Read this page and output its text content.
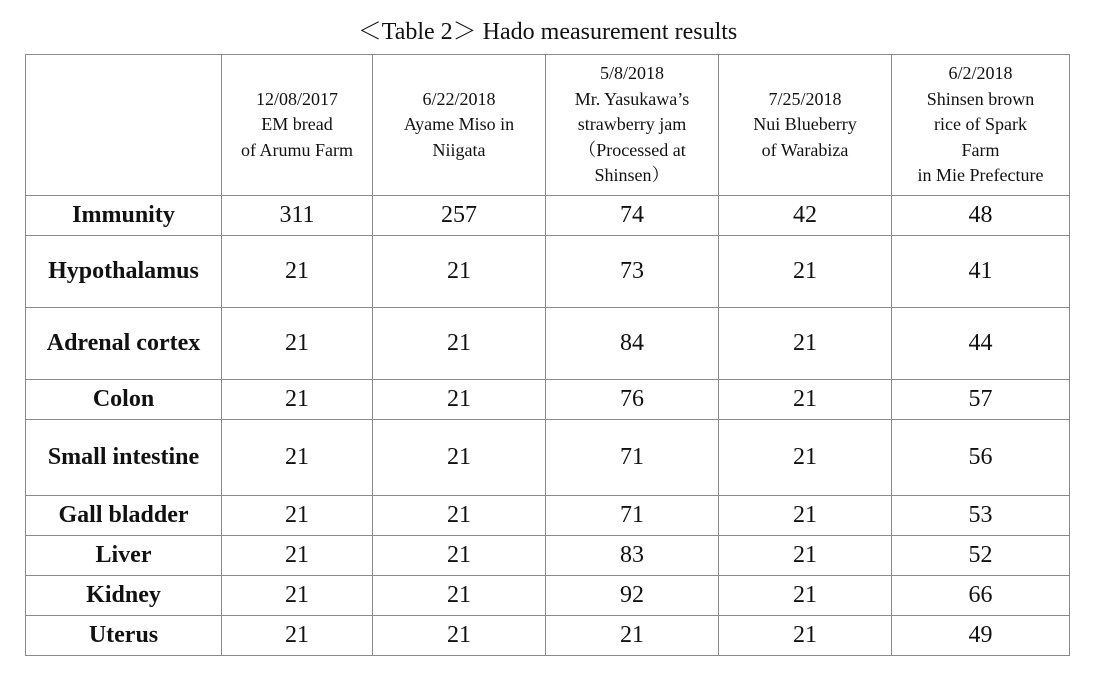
＜Table 2＞ Hado measurement results
	12/08/2017
EM bread
of Arumu Farm	6/22/2018
Ayame Miso in
Niigata	5/8/2018
Mr. Yasukawa’s
strawberry jam
（Processed at
Shinsen）	7/25/2018
Nui Blueberry
of Warabiza	6/2/2018
Shinsen brown
rice of Spark
Farm
in Mie Prefecture
Immunity	311	257	74	42	48
Hypothalamus	21	21	73	21	41
Adrenal cortex	21	21	84	21	44
Colon	21	21	76	21	57
Small intestine	21	21	71	21	56
Gall bladder	21	21	71	21	53
Liver	21	21	83	21	52
Kidney	21	21	92	21	66
Uterus	21	21	21	21	49
